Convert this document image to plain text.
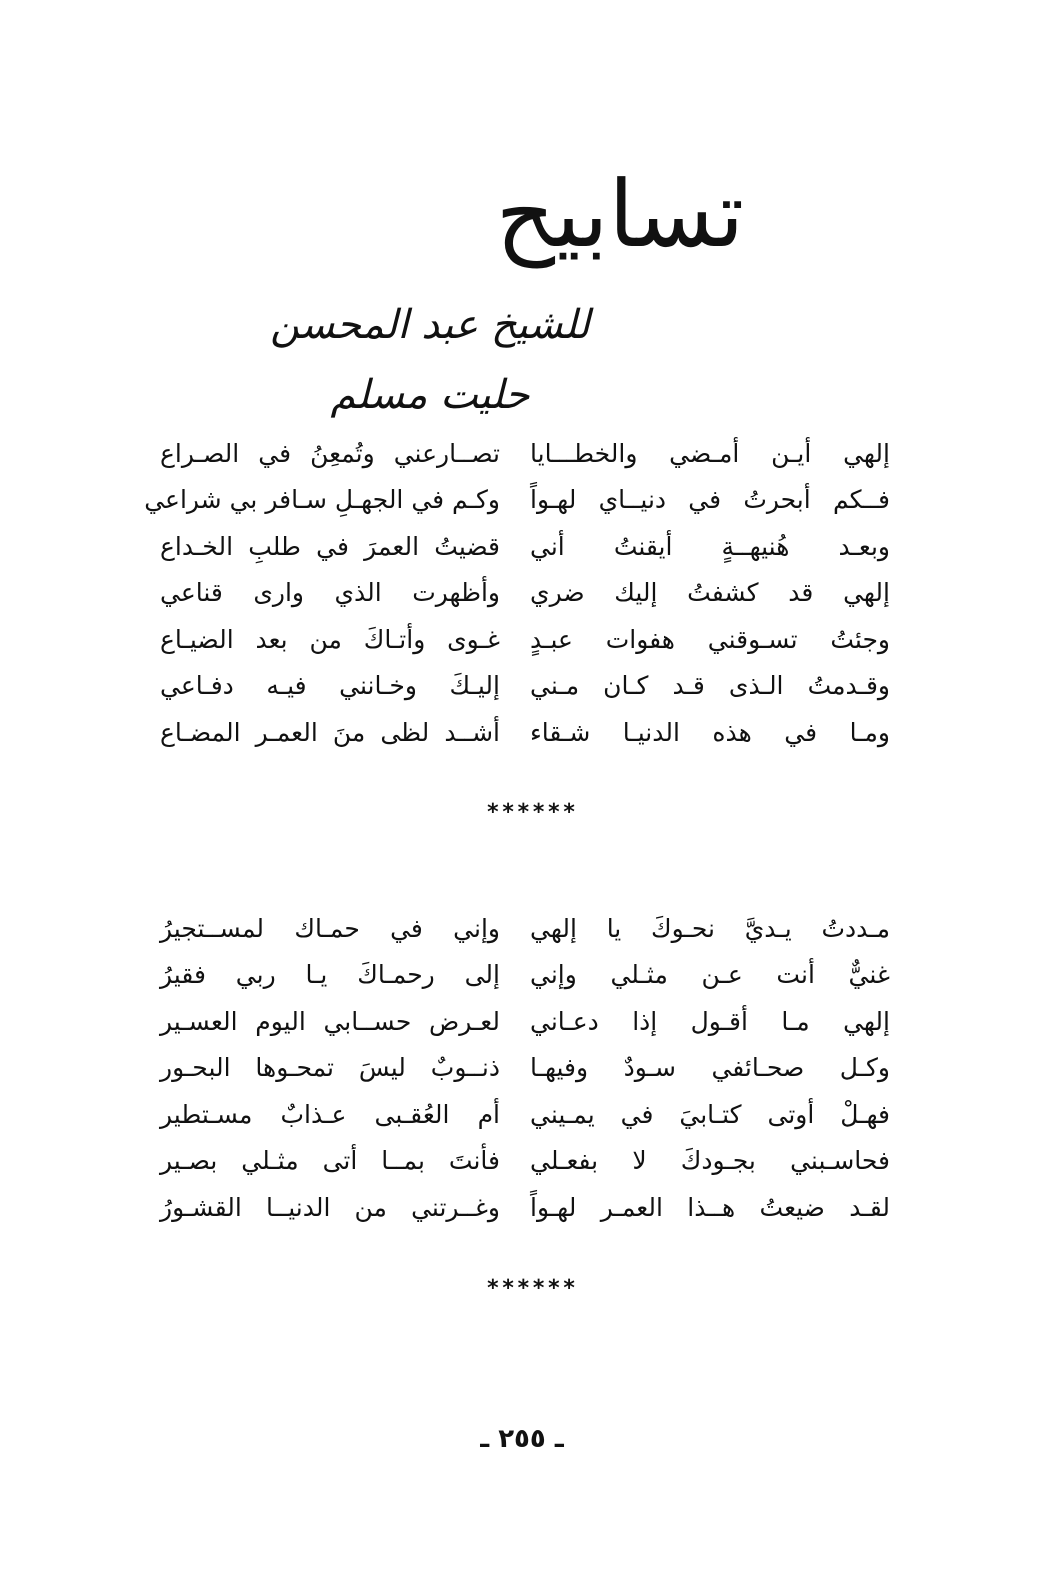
تسابيح
للشيخ عبد المحسن حليت مسلم
إلهي أيـن أمـضي والخطـــايا
تصــارعني وتُمعِنُ في الصـراع
فــكم أبحرتُ في دنيــاي لهـواً
وكـم في الجهـلِ سـافر بي شراعي
وبعـد هُنيهــةٍ أيقنتُ أني
قضيتُ العمرَ في طلبِ الخـداع
إلهي قد كشفتُ إليك ضري
وأظهرت الذي وارى قناعي
وجئتُ تسـوقني هفوات عبـدٍ
غـوى وأتـاكَ من بعد الضيـاع
وقـدمتُ الـذى قـد كـان مـني
إليـكَ وخـانني فيـه دفـاعي
ومـا في هذه الدنيـا شـقاء
أشــد لظى منَ العمـر المضـاع
******
مـددتُ يـديَّ نحـوكَ يا إلهي
وإني في حمـاك لمســتجيرُ
غنيٌّ أنت عـن مثـلي وإني
إلى رحمـاكَ يـا ربي فقيرُ
إلهي مـا أقـول إذا دعـاني
لعـرض حســابي اليوم العسـير
وكـل صحـائفي سـودٌ وفيهـا
ذنــوبٌ ليسَ تمحـوها البحـور
فهـلْ أوتى كتـابيَ في يمـيني
أم العُقـبى عـذابٌ مسـتطير
فحاسـبني بجـودكَ لا بفعـلي
فأنتَ بمــا أتى مثـلي بصـير
لقـد ضيعتُ هــذا العمـر لهـواً
وغــرتني من الدنيــا القشـورُ
******
ـ ٢٥٥ ـ
